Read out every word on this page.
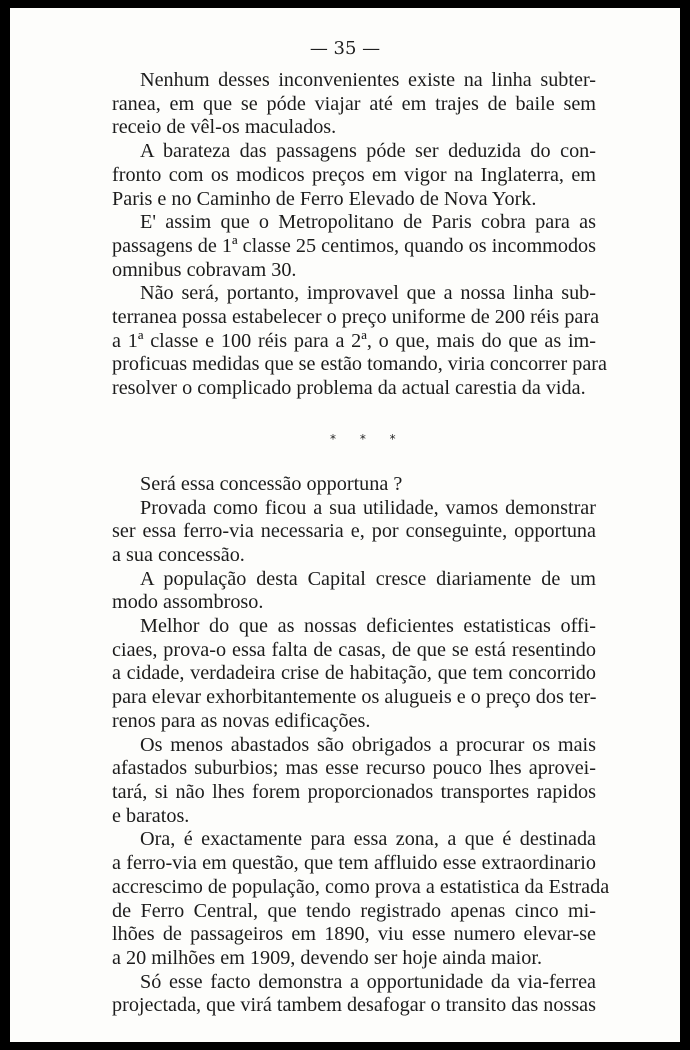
— 35 —
Nenhum desses inconvenientes existe na linha subter-
ranea, em que se póde viajar até em trajes de baile sem
receio de vêl-os maculados.
A barateza das passagens póde ser deduzida do con-
fronto com os modicos preços em vigor na Inglaterra, em
Paris e no Caminho de Ferro Elevado de Nova York.
E' assim que o Metropolitano de Paris cobra para as
passagens de 1ª classe 25 centimos, quando os incommodos
omnibus cobravam 30.
Não será, portanto, improvavel que a nossa linha sub-
terranea possa estabelecer o preço uniforme de 200 réis para
a 1ª classe e 100 réis para a 2ª, o que, mais do que as im-
proficuas medidas que se estão tomando, viria concorrer para
resolver o complicado problema da actual carestia da vida.
* * *
Será essa concessão opportuna ?
Provada como ficou a sua utilidade, vamos demonstrar
ser essa ferro-via necessaria e, por conseguinte, opportuna
a sua concessão.
A população desta Capital cresce diariamente de um
modo assombroso.
Melhor do que as nossas deficientes estatisticas offi-
ciaes, prova-o essa falta de casas, de que se está resentindo
a cidade, verdadeira crise de habitação, que tem concorrido
para elevar exhorbitantemente os alugueis e o preço dos ter-
renos para as novas edificações.
Os menos abastados são obrigados a procurar os mais
afastados suburbios; mas esse recurso pouco lhes aprovei-
tará, si não lhes forem proporcionados transportes rapidos
e baratos.
Ora, é exactamente para essa zona, a que é destinada
a ferro-via em questão, que tem affluido esse extraordinario
accrescimo de população, como prova a estatistica da Estrada
de Ferro Central, que tendo registrado apenas cinco mi-
lhões de passageiros em 1890, viu esse numero elevar-se
a 20 milhões em 1909, devendo ser hoje ainda maior.
Só esse facto demonstra a opportunidade da via-ferrea
projectada, que virá tambem desafogar o transito das nossas
